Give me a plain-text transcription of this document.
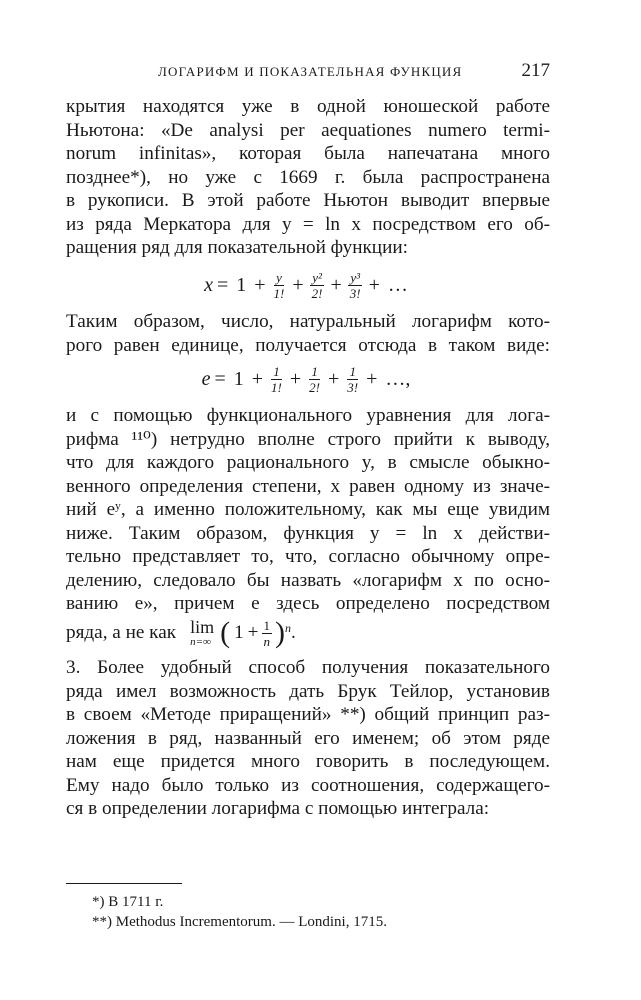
ЛОГАРИФМ И ПОКАЗАТЕЛЬНАЯ ФУНКЦИЯ	217
крытия находятся уже в одной юношеской работе
Ньютона: «De analysi per aequationes numero termi-
norum infinitas», которая была напечатана много
позднее*), но уже с 1669 г. была распространена
в рукописи. В этой работе Ньютон выводит впервые
из ряда Меркатора для y = ln x посредством его об-
ращения ряд для показательной функции:
$x = 1 + \frac{y}{1!} + \frac{\text{y²}}{2!} + \frac{\text{y³}}{3!}$ + …
Таким образом, число, натуральный логарифм кото-
рого равен единице, получается отсюда в таком виде:
$e = 1 + \frac{1}{1!} + \frac{1}{2!} + \frac{1}{3!}$ + …,
и с помощью функционального уравнения для лога-
рифма ¹¹⁰) нетрудно вполне строго прийти к выводу,
что для каждого рационального y, в смысле обыкно-
венного определения степени, x равен одному из значе-
ний eʸ, а именно положительному, как мы еще увидим
ниже. Таким образом, функция y = ln x действи-
тельно представляет то, что, согласно обычному опре-
делению, следовало бы назвать «логарифм x по осно-
ванию e», причем e здесь определено посредством
ряда, а не как lim
n=∞ ( $1 + \frac{1}{n} )^n$ .
3. Более удобный способ получения показательного
ряда имел возможность дать Брук Тейлор, установив
в своем «Методе приращений» **) общий принцип раз-
ложения в ряд, названный его именем; об этом ряде
нам еще придется много говорить в последующем.
Ему надо было только из соотношения, содержащего-
ся в определении логарифма с помощью интеграла:
*) В 1711 г.
**) Methodus Incrementorum. — Londini, 1715.
